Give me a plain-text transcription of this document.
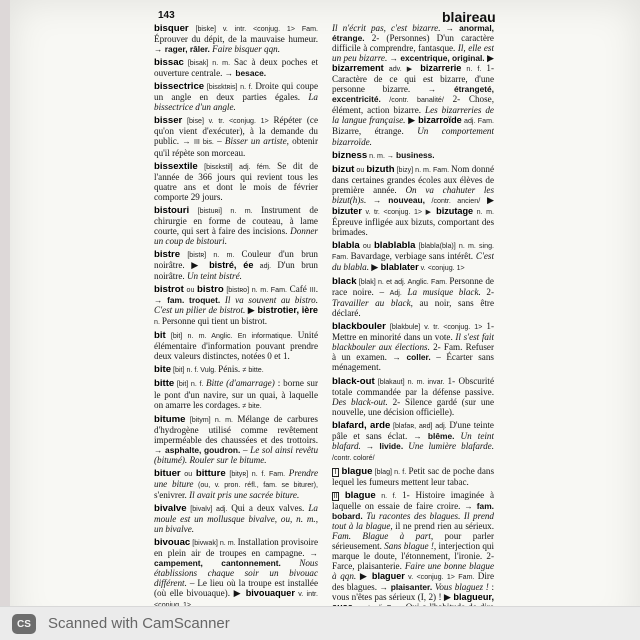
143	blaireau

bisquer [biske] v. intr. <conjug. 1> Fam. Éprouver du dépit, de la mauvaise humeur. → rager, râler. Faire bisquer qqn.

bissac [bisak] n. m. Sac à deux poches et ouverture centrale. → besace.

bissectrice [bisɛktʀis] n. f. Droite qui coupe un angle en deux parties égales. La bissectrice d'un angle.

bisser [bise] v. tr. <conjug. 1> Répéter (ce qu'on vient d'exécuter), à la demande du public. → III bis. – Bisser un artiste, obtenir qu'il répète son morceau.

bissextile [bisɛkstil] adj. fém. Se dit de l'année de 366 jours qui revient tous les quatre ans et dont le mois de février comporte 29 jours.

bistouri [bistuʀi] n. m. Instrument de chirurgie en forme de couteau, à lame courte, qui sert à faire des incisions. Donner un coup de bistouri.

bistre [bistʀ] n. m. Couleur d'un brun noirâtre. ▶ bistré, ée adj. D'un brun noirâtre. Un teint bistré.

bistrot ou bistro [bistʀo] n. m. Fam. Café III. → fam. troquet. Il va souvent au bistro. C'est un pilier de bistrot. ▶ bistrotier, ière n. Personne qui tient un bistrot.

bit [bit] n. m. Anglic. En informatique. Unité élémentaire d'information pouvant prendre deux valeurs distinctes, notées 0 et 1.

bite [bit] n. f. Vulg. Pénis. ≠ bitte.

bitte [bit] n. f. Bitte (d'amarrage) : borne sur le pont d'un navire, sur un quai, à laquelle on amarre les cordages. ≠ bite.

bitume [bitym] n. m. Mélange de carbures d'hydrogène utilisé comme revêtement imperméable des chaussées et des trottoirs. → asphalte, goudron. – Le sol ainsi revêtu (bitumé). Rouler sur le bitume.

bituer ou bitture [bityʀ] n. f. Fam. Prendre une biture (ou, v. pron. réfl., fam. se biturer), s'enivrer. Il avait pris une sacrée biture.

bivalve [bivalv] adj. Qui a deux valves. La moule est un mollusque bivalve, ou, n. m., un bivalve.

bivouac [bivwak] n. m. Installation provisoire en plein air de troupes en campagne. → campement, cantonnement. Nous établissions chaque soir un bivouac différent. – Le lieu où la troupe est installée (où elle bivouaque). ▶ bivouaquer v. intr.

Il n'écrit pas, c'est bizarre. → anormal, étrange. 2- (Personnes) D'un caractère difficile à comprendre, fantasque. Il, elle est un peu bizarre. → excentrique, original. ▶ bizarrement adv. ▶ bizarrerie n. f. 1- Caractère de ce qui est bizarre, d'une personne bizarre. → étrangeté, excentricité. /contr. banalité/ 2- Chose, élément, action bizarre. Les bizarreries de la langue française. ▶ bizarroïde adj. Fam. Bizarre, étrange. Un comportement bizarroïde.

bizness n. m. → business.

bizut ou bizuth [bizy] n. m. Fam. Nom donné dans certaines grandes écoles aux élèves de première année. On va chahuter les bizut(h)s. → nouveau, /contr. ancien/ ▶ bizuter v. tr. <conjug. 1> ▶ bizutage n. m. Épreuve infligée aux bizuts, comportant des brimades.

blabla ou blablabla [blabla(bla)] n. m. sing. Fam. Bavardage, verbiage sans intérêt. C'est du blabla. ▶ blablater v. <conjug. 1>

black [blak] n. et adj. Anglic. Fam. Personne de race noire. – Adj. La musique black. 2- Travailler au black, au noir, sans être déclaré.

blackbouler [blakbule] v. tr. <conjug. 1> 1- Mettre en minorité dans un vote. Il s'est fait blackbouler aux élections. 2- Fam. Refuser à un examen. → coller. – Écarter sans ménagement.

black-out [blakaut] n. m. invar. 1- Obscurité totale commandée par la défense passive. Des black-out. 2- Silence gardé (sur une nouvelle, une décision officielle).

blafard, arde [blafaʀ, aʀd] adj. D'une teinte pâle et sans éclat. → blême. Un teint blafard. → livide. Une lumière blafarde. /contr. coloré/

I blague [blag] n. f. Petit sac de poche dans lequel les fumeurs mettent leur tabac.

II blague n. f. 1- Histoire imaginée à laquelle on essaie de faire croire. → fam. bobard. Tu racontes des blagues. Il prend tout à la blague, il ne prend rien au sérieux. Fam. Blague à part, pour parler sérieusement. Sans blague !, interjection qui marque le doute, l'étonnement, l'ironie. 2- Farce, plaisanterie. Faire une bonne blague à qqn. ▶ blaguer v. <conjug. 1> Fam. Dire des blagues. → plaisanter. Vous blaguez ! : vous n'êtes pas sérieux (I, 2) ! ▶ blagueur,

CS Scanned with CamScanner
